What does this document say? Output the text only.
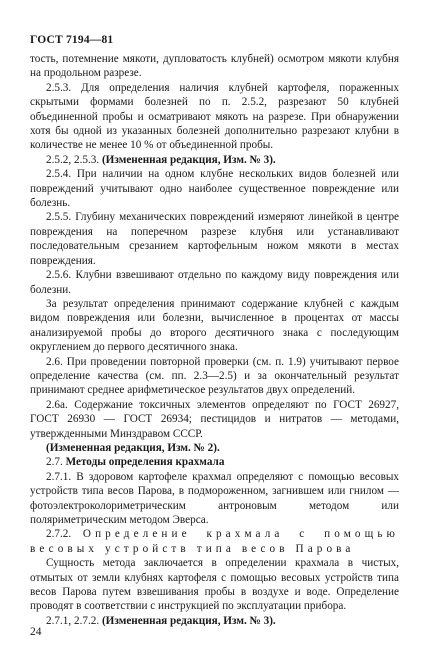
ГОСТ 7194—81

тость, потемнение мякоти, дупловатость клубней) осмотром мякоти клубня на продольном разрезе.

2.5.3. Для определения наличия клубней картофеля, пораженных скрытыми формами болезней по п. 2.5.2, разрезают 50 клубней объединенной пробы и осматривают мякоть на разрезе. При обнаружении хотя бы одной из указанных болезней дополнительно разрезают клубни в количестве не менее 10 % от объединенной пробы.

2.5.2, 2.5.3. (Измененная редакция, Изм. № 3).

2.5.4. При наличии на одном клубне нескольких видов болезней или повреждений учитывают одно наиболее существенное повреждение или болезнь.

2.5.5. Глубину механических повреждений измеряют линейкой в центре повреждения на поперечном разрезе клубня или устанавливают последовательным срезанием картофельным ножом мякоти в местах повреждения.

2.5.6. Клубни взвешивают отдельно по каждому виду повреждения или болезни.

За результат определения принимают содержание клубней с каждым видом повреждения или болезни, вычисленное в процентах от массы анализируемой пробы до второго десятичного знака с последующим округлением до первого десятичного знака.

2.6. При проведении повторной проверки (см. п. 1.9) учитывают первое определение качества (см. пп. 2.3—2.5) и за окончательный результат принимают среднее арифметическое результатов двух определений.

2.6а. Содержание токсичных элементов определяют по ГОСТ 26927, ГОСТ 26930 — ГОСТ 26934; пестицидов и нитратов — методами, утвержденными Минздравом СССР.

(Измененная редакция, Изм. № 2).

2.7. Методы определения крахмала

2.7.1. В здоровом картофеле крахмал определяют с помощью весовых устройств типа весов Парова, в подмороженном, загнившем или гнилом — фотоэлектроколориметрическим антроновым методом или поляриметрическим методом Эверса.

2.7.2. Определение крахмала с помощью весовых устройств типа весов Парова

Сущность метода заключается в определении крахмала в чистых, отмытых от земли клубнях картофеля с помощью весовых устройств типа весов Парова путем взвешивания пробы в воздухе и воде. Определение проводят в соответствии с инструкцией по эксплуатации прибора.

2.7.1, 2.7.2. (Измененная редакция, Изм. № 3).

24
